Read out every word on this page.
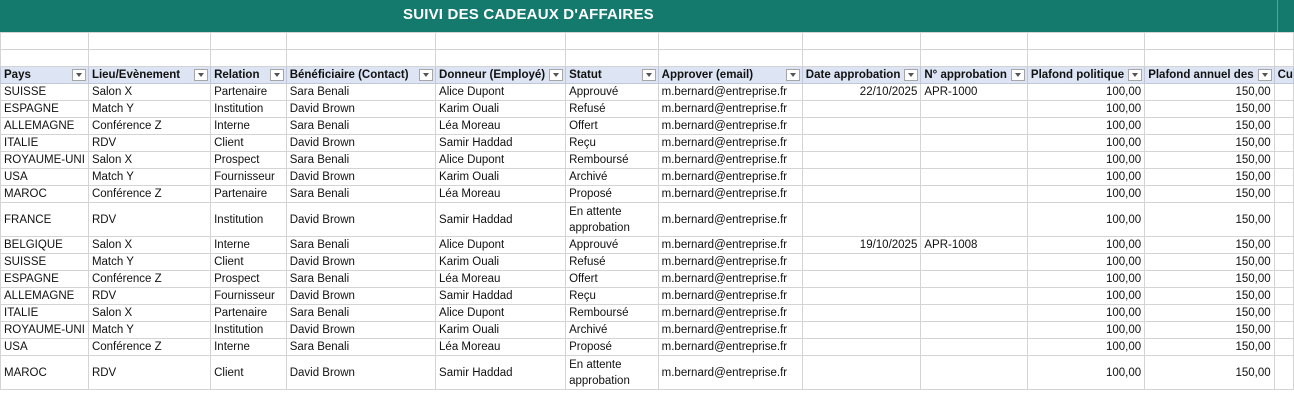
SUIVI DES CADEAUX D'AFFAIRES

Pays	Lieu/Évènement	Relation	Bénéficiaire (Contact)	Donneur (Employé)	Statut	Approver (email)	Date approbation	N° approbation	Plafond politique	Plafond annuel des	Cu

SUISSE	Salon X	Partenaire	Sara Benali	Alice Dupont	Approuvé	m.bernard@entreprise.fr	22/10/2025	APR-1000	100,00	150,00	
ESPAGNE	Match Y	Institution	David Brown	Karim Ouali	Refusé	m.bernard@entreprise.fr			100,00	150,00	
ALLEMAGNE	Conférence Z	Interne	Sara Benali	Léa Moreau	Offert	m.bernard@entreprise.fr			100,00	150,00	
ITALIE	RDV	Client	David Brown	Samir Haddad	Reçu	m.bernard@entreprise.fr			100,00	150,00	
ROYAUME-UNI	Salon X	Prospect	Sara Benali	Alice Dupont	Remboursé	m.bernard@entreprise.fr			100,00	150,00	
USA	Match Y	Fournisseur	David Brown	Karim Ouali	Archivé	m.bernard@entreprise.fr			100,00	150,00	
MAROC	Conférence Z	Partenaire	Sara Benali	Léa Moreau	Proposé	m.bernard@entreprise.fr			100,00	150,00	
FRANCE	RDV	Institution	David Brown	Samir Haddad	En attente approbation	m.bernard@entreprise.fr			100,00	150,00	
BELGIQUE	Salon X	Interne	Sara Benali	Alice Dupont	Approuvé	m.bernard@entreprise.fr	19/10/2025	APR-1008	100,00	150,00	
SUISSE	Match Y	Client	David Brown	Karim Ouali	Refusé	m.bernard@entreprise.fr			100,00	150,00	
ESPAGNE	Conférence Z	Prospect	Sara Benali	Léa Moreau	Offert	m.bernard@entreprise.fr			100,00	150,00	
ALLEMAGNE	RDV	Fournisseur	David Brown	Samir Haddad	Reçu	m.bernard@entreprise.fr			100,00	150,00	
ITALIE	Salon X	Partenaire	Sara Benali	Alice Dupont	Remboursé	m.bernard@entreprise.fr			100,00	150,00	
ROYAUME-UNI	Match Y	Institution	David Brown	Karim Ouali	Archivé	m.bernard@entreprise.fr			100,00	150,00	
USA	Conférence Z	Interne	Sara Benali	Léa Moreau	Proposé	m.bernard@entreprise.fr			100,00	150,00	
MAROC	RDV	Client	David Brown	Samir Haddad	En attente approbation	m.bernard@entreprise.fr			100,00	150,00	
